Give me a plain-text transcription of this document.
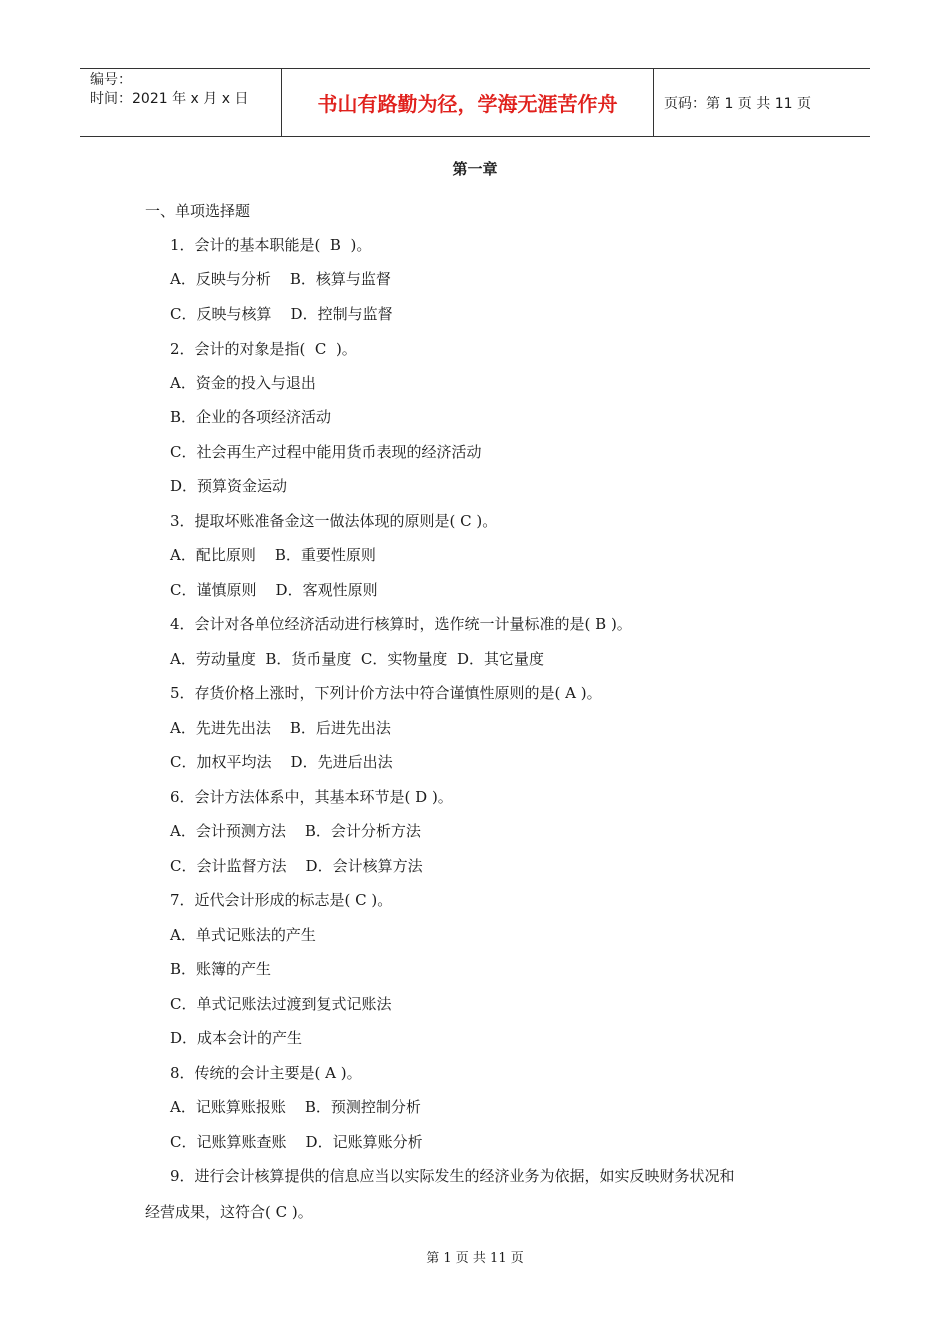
编号：
时间：2021 年 x 月 x 日	书山有路勤为径，学海无涯苦作舟	页码：第 1 页 共 11 页
第一章
一、单项选择题
1．会计的基本职能是(  B  )。
A．反映与分析    B．核算与监督
C．反映与核算    D．控制与监督
2．会计的对象是指(  C  )。
A．资金的投入与退出
B．企业的各项经济活动
C．社会再生产过程中能用货币表现的经济活动
D．预算资金运动
3．提取坏账准备金这一做法体现的原则是( C )。
A．配比原则    B．重要性原则
C．谨慎原则    D．客观性原则
4．会计对各单位经济活动进行核算时，选作统一计量标准的是( B )。
A．劳动量度  B．货币量度  C．实物量度  D．其它量度
5．存货价格上涨时，下列计价方法中符合谨慎性原则的是( A )。
A．先进先出法    B．后进先出法
C．加权平均法    D．先进后出法
6．会计方法体系中，其基本环节是( D )。
A．会计预测方法    B．会计分析方法
C．会计监督方法    D．会计核算方法
7．近代会计形成的标志是( C )。
A．单式记账法的产生
B．账簿的产生
C．单式记账法过渡到复式记账法
D．成本会计的产生
8．传统的会计主要是( A )。
A．记账算账报账    B．预测控制分析
C．记账算账查账    D．记账算账分析
9．进行会计核算提供的信息应当以实际发生的经济业务为依据，如实反映财务状况和
经营成果，这符合( C )。
第 1 页 共 11 页
